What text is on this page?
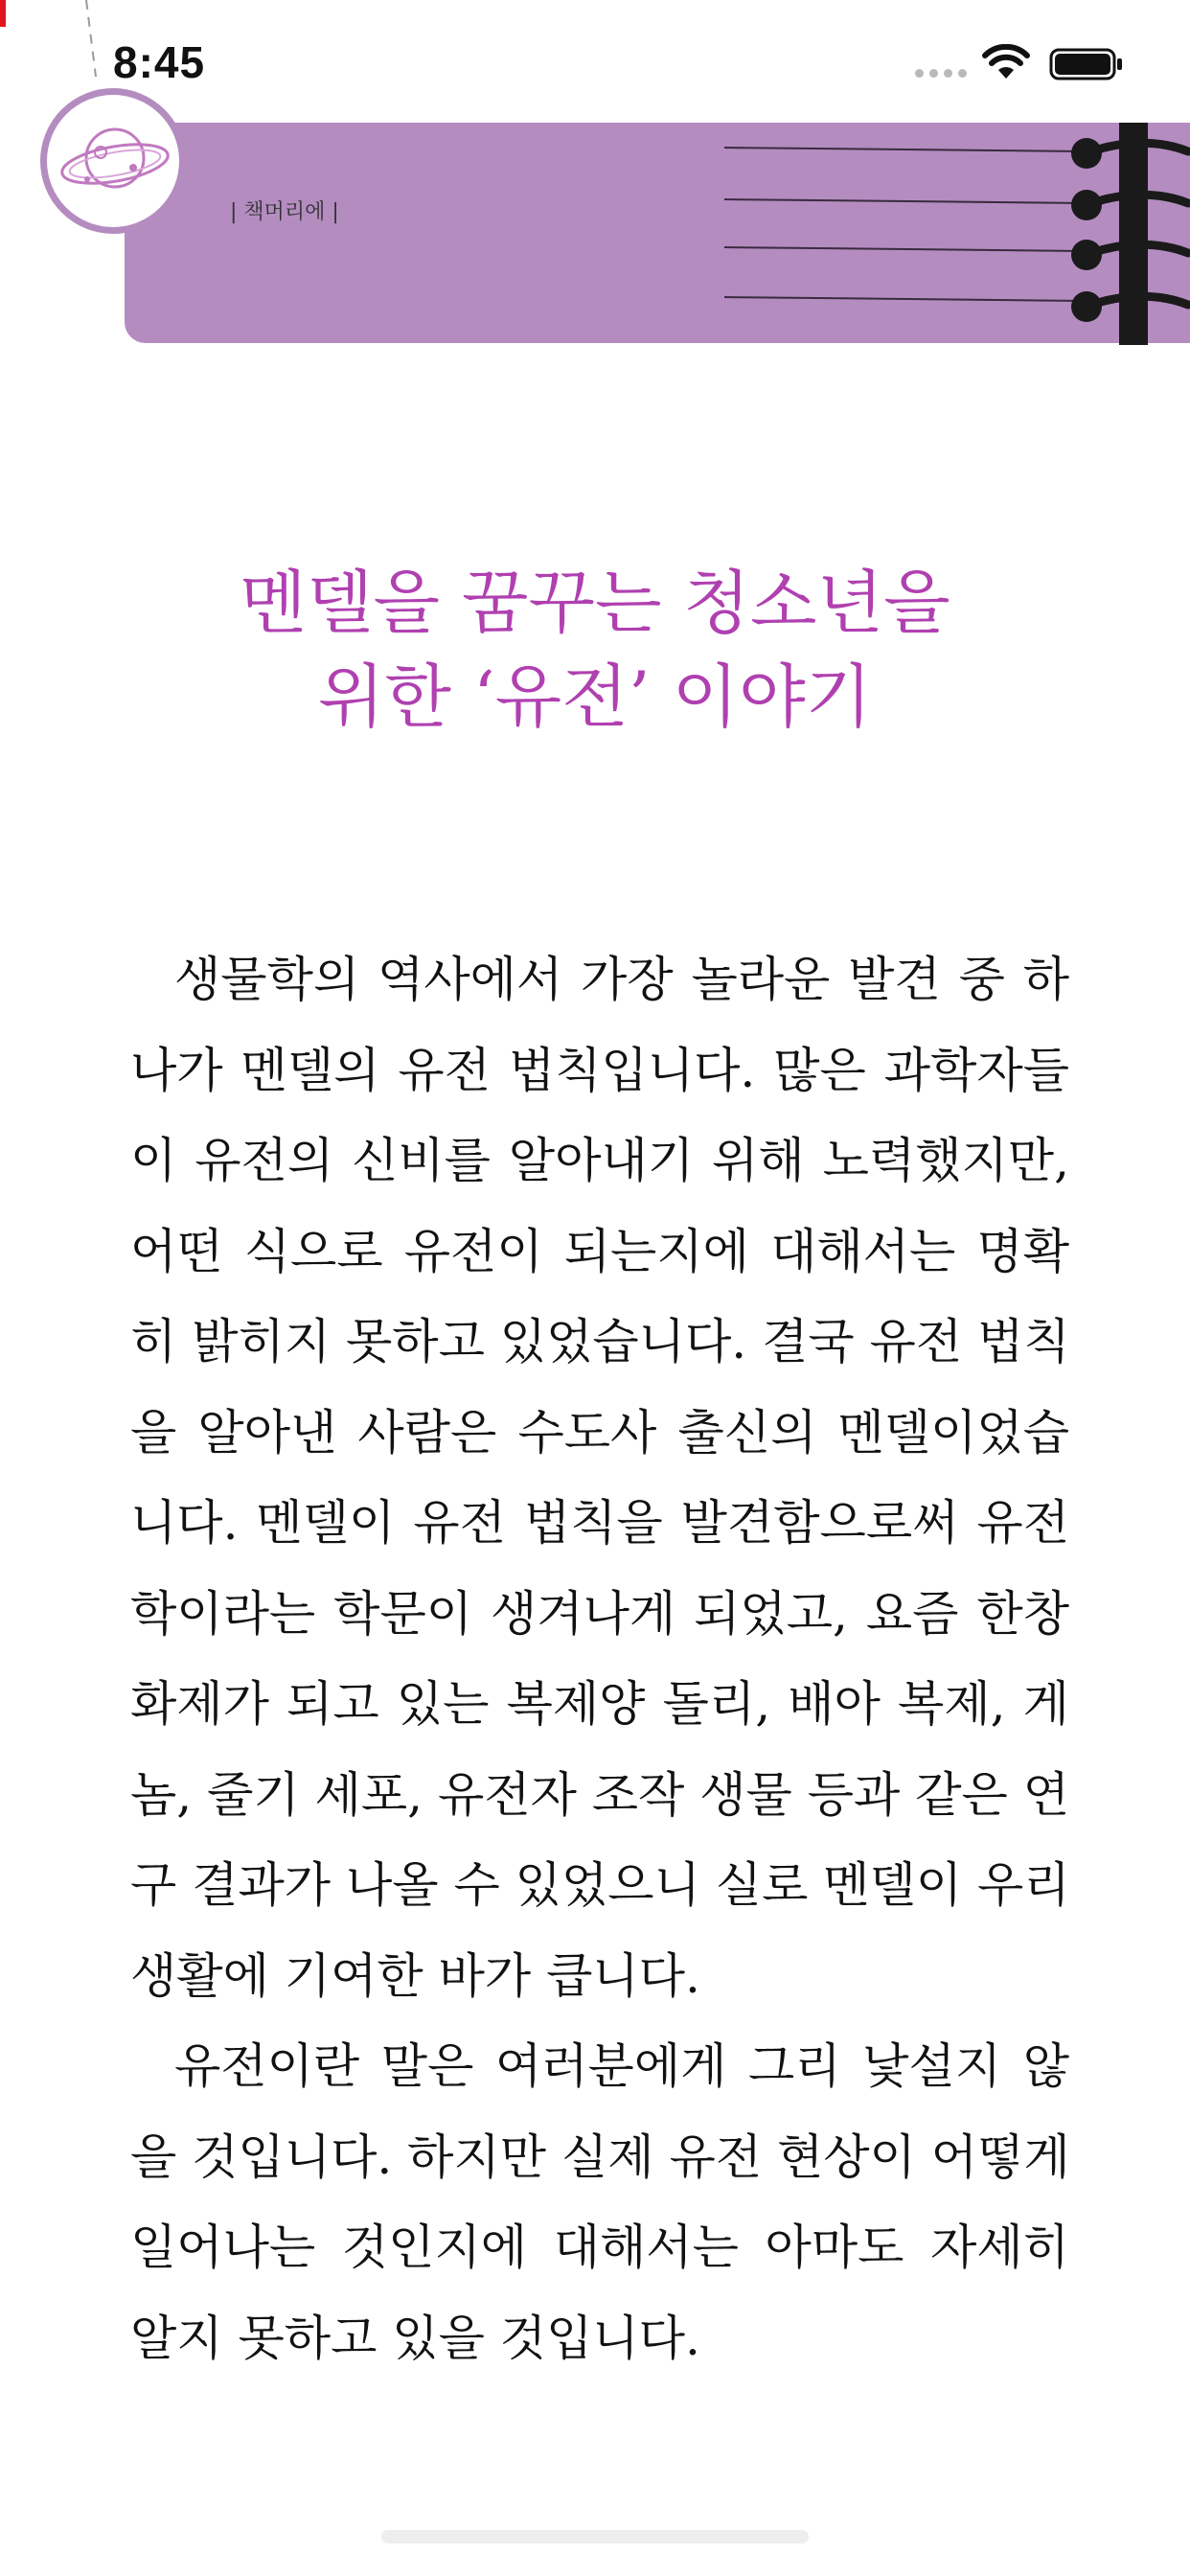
8:45
| 책머리에 |
멘델을 꿈꾸는 청소년을
위한 ‘유전’ 이야기
생물학의 역사에서 가장 놀라운 발견 중 하
나가 멘델의 유전 법칙입니다. 많은 과학자들
이 유전의 신비를 알아내기 위해 노력했지만,
어떤 식으로 유전이 되는지에 대해서는 명확
히 밝히지 못하고 있었습니다. 결국 유전 법칙
을 알아낸 사람은 수도사 출신의 멘델이었습
니다. 멘델이 유전 법칙을 발견함으로써 유전
학이라는 학문이 생겨나게 되었고, 요즘 한창
화제가 되고 있는 복제양 돌리, 배아 복제, 게
놈, 줄기 세포, 유전자 조작 생물 등과 같은 연
구 결과가 나올 수 있었으니 실로 멘델이 우리
생활에 기여한 바가 큽니다.
유전이란 말은 여러분에게 그리 낯설지 않
을 것입니다. 하지만 실제 유전 현상이 어떻게
일어나는 것인지에 대해서는 아마도 자세히
알지 못하고 있을 것입니다.
